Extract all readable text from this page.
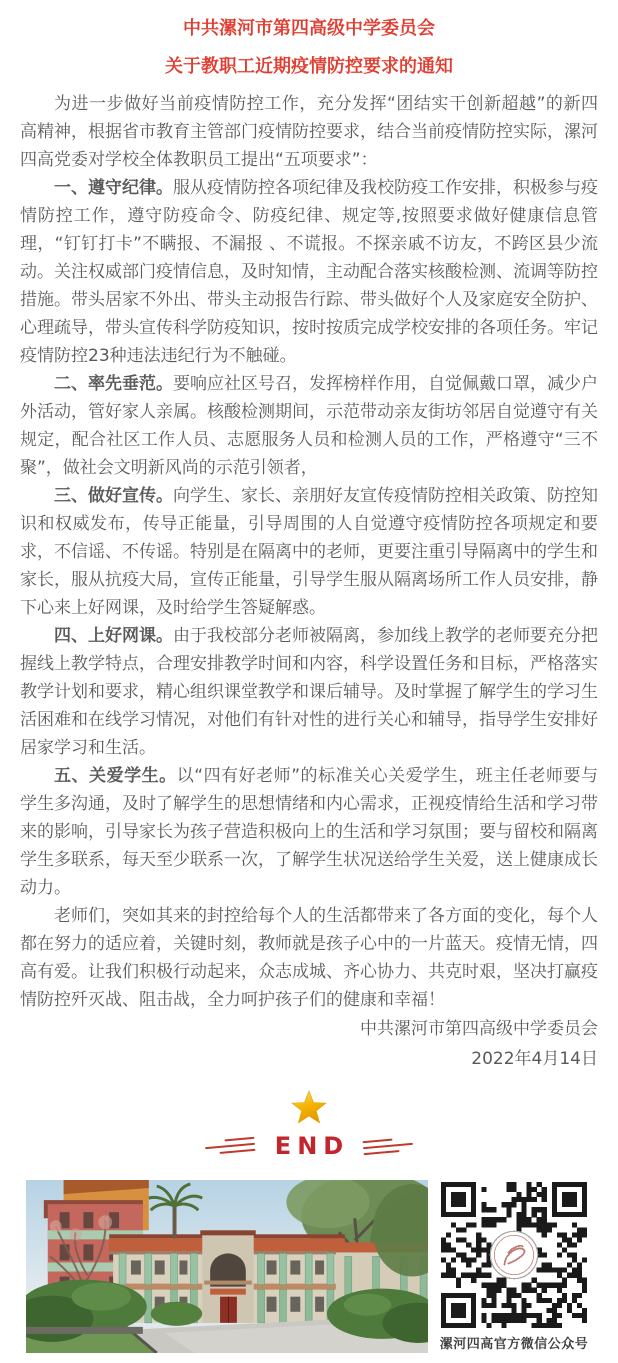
中共漯河市第四高级中学委员会
关于教职工近期疫情防控要求的通知

为进一步做好当前疫情防控工作，充分发挥“团结实干创新超越”的新四高精神，根据省市教育主管部门疫情防控要求，结合当前疫情防控实际，漯河四高党委对学校全体教职员工提出“五项要求”：

一、遵守纪律。服从疫情防控各项纪律及我校防疫工作安排，积极参与疫情防控工作，遵守防疫命令、防疫纪律、规定等,按照要求做好健康信息管理，“钉钉打卡”不瞒报、不漏报 、不谎报。不探亲戚不访友，不跨区县少流动。关注权威部门疫情信息，及时知情，主动配合落实核酸检测、流调等防控措施。带头居家不外出、带头主动报告行踪、带头做好个人及家庭安全防护、心理疏导，带头宣传科学防疫知识，按时按质完成学校安排的各项任务。牢记疫情防控23种违法违纪行为不触碰。

二、率先垂范。要响应社区号召，发挥榜样作用，自觉佩戴口罩，减少户外活动，管好家人亲属。核酸检测期间，示范带动亲友街坊邻居自觉遵守有关规定，配合社区工作人员、志愿服务人员和检测人员的工作，严格遵守“三不聚”，做社会文明新风尚的示范引领者，

三、做好宣传。向学生、家长、亲朋好友宣传疫情防控相关政策、防控知识和权威发布，传导正能量，引导周围的人自觉遵守疫情防控各项规定和要求，不信谣、不传谣。特别是在隔离中的老师，更要注重引导隔离中的学生和家长，服从抗疫大局，宣传正能量，引导学生服从隔离场所工作人员安排，静下心来上好网课，及时给学生答疑解惑。

四、上好网课。由于我校部分老师被隔离，参加线上教学的老师要充分把握线上教学特点，合理安排教学时间和内容，科学设置任务和目标，严格落实教学计划和要求，精心组织课堂教学和课后辅导。及时掌握了解学生的学习生活困难和在线学习情况，对他们有针对性的进行关心和辅导，指导学生安排好居家学习和生活。

五、关爱学生。以“四有好老师”的标准关心关爱学生，班主任老师要与学生多沟通，及时了解学生的思想情绪和内心需求，正视疫情给生活和学习带来的影响，引导家长为孩子营造积极向上的生活和学习氛围；要与留校和隔离学生多联系，每天至少联系一次，了解学生状况送给学生关爱，送上健康成长动力。

老师们，突如其来的封控给每个人的生活都带来了各方面的变化，每个人都在努力的适应着，关键时刻，教师就是孩子心中的一片蓝天。疫情无情，四高有爱。让我们积极行动起来，众志成城、齐心协力、共克时艰，坚决打赢疫情防控歼灭战、阻击战，全力呵护孩子们的健康和幸福！

中共漯河市第四高级中学委员会

2022年4月14日

END
漯河四高官方微信公众号
